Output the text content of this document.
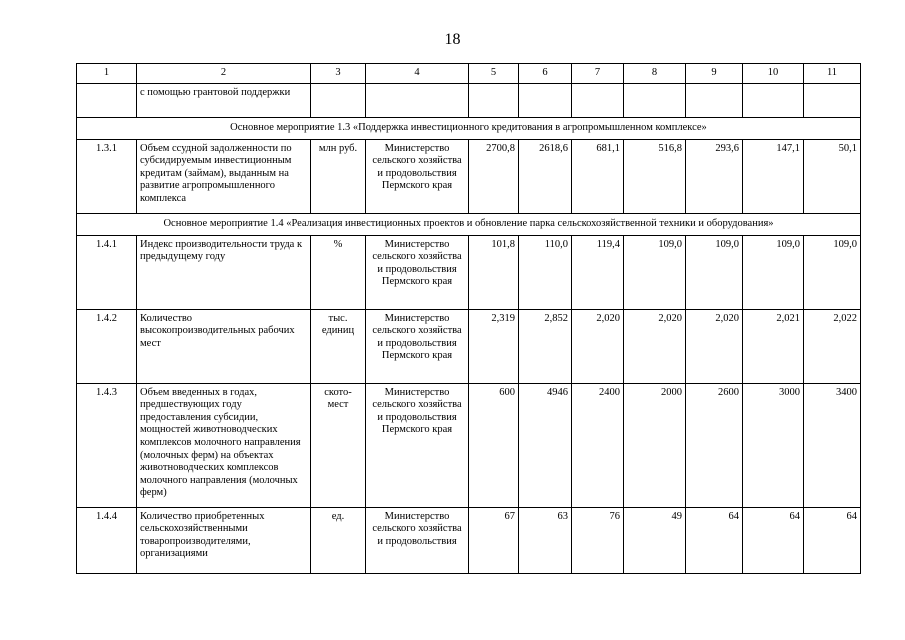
18
1	2	3	4	5	6	7	8	9	10	11
	с помощью грантовой поддержки									
Основное мероприятие 1.3 «Поддержка инвестиционного кредитования в агропромышленном комплексе»										
1.3.1	Объем ссудной задолженности по субсидируемым инвестиционным кредитам (займам), выданным на развитие агропромышленного комплекса	млн руб.	Министерство сельского хозяйства и продовольствия Пермского края	2700,8	2618,6	681,1	516,8	293,6	147,1	50,1
Основное мероприятие 1.4 «Реализация инвестиционных проектов и обновление парка сельскохозяйственной техники и оборудования»										
1.4.1	Индекс производительности труда к предыдущему году	%	Министерство сельского хозяйства и продовольствия Пермского края	101,8	110,0	119,4	109,0	109,0	109,0	109,0
1.4.2	Количество высокопроизводительных рабочих мест	тыс. единиц	Министерство сельского хозяйства и продовольствия Пермского края	2,319	2,852	2,020	2,020	2,020	2,021	2,022
1.4.3	Объем введенных в годах, предшествующих году предоставления субсидии, мощностей животноводческих комплексов молочного направления (молочных ферм) на объектах животноводческих комплексов молочного направления (молочных ферм)	ското-мест	Министерство сельского хозяйства и продовольствия Пермского края	600	4946	2400	2000	2600	3000	3400
1.4.4	Количество приобретенных сельскохозяйственными товаропроизводителями, организациями	ед.	Министерство сельского хозяйства и продовольствия	67	63	76	49	64	64	64
